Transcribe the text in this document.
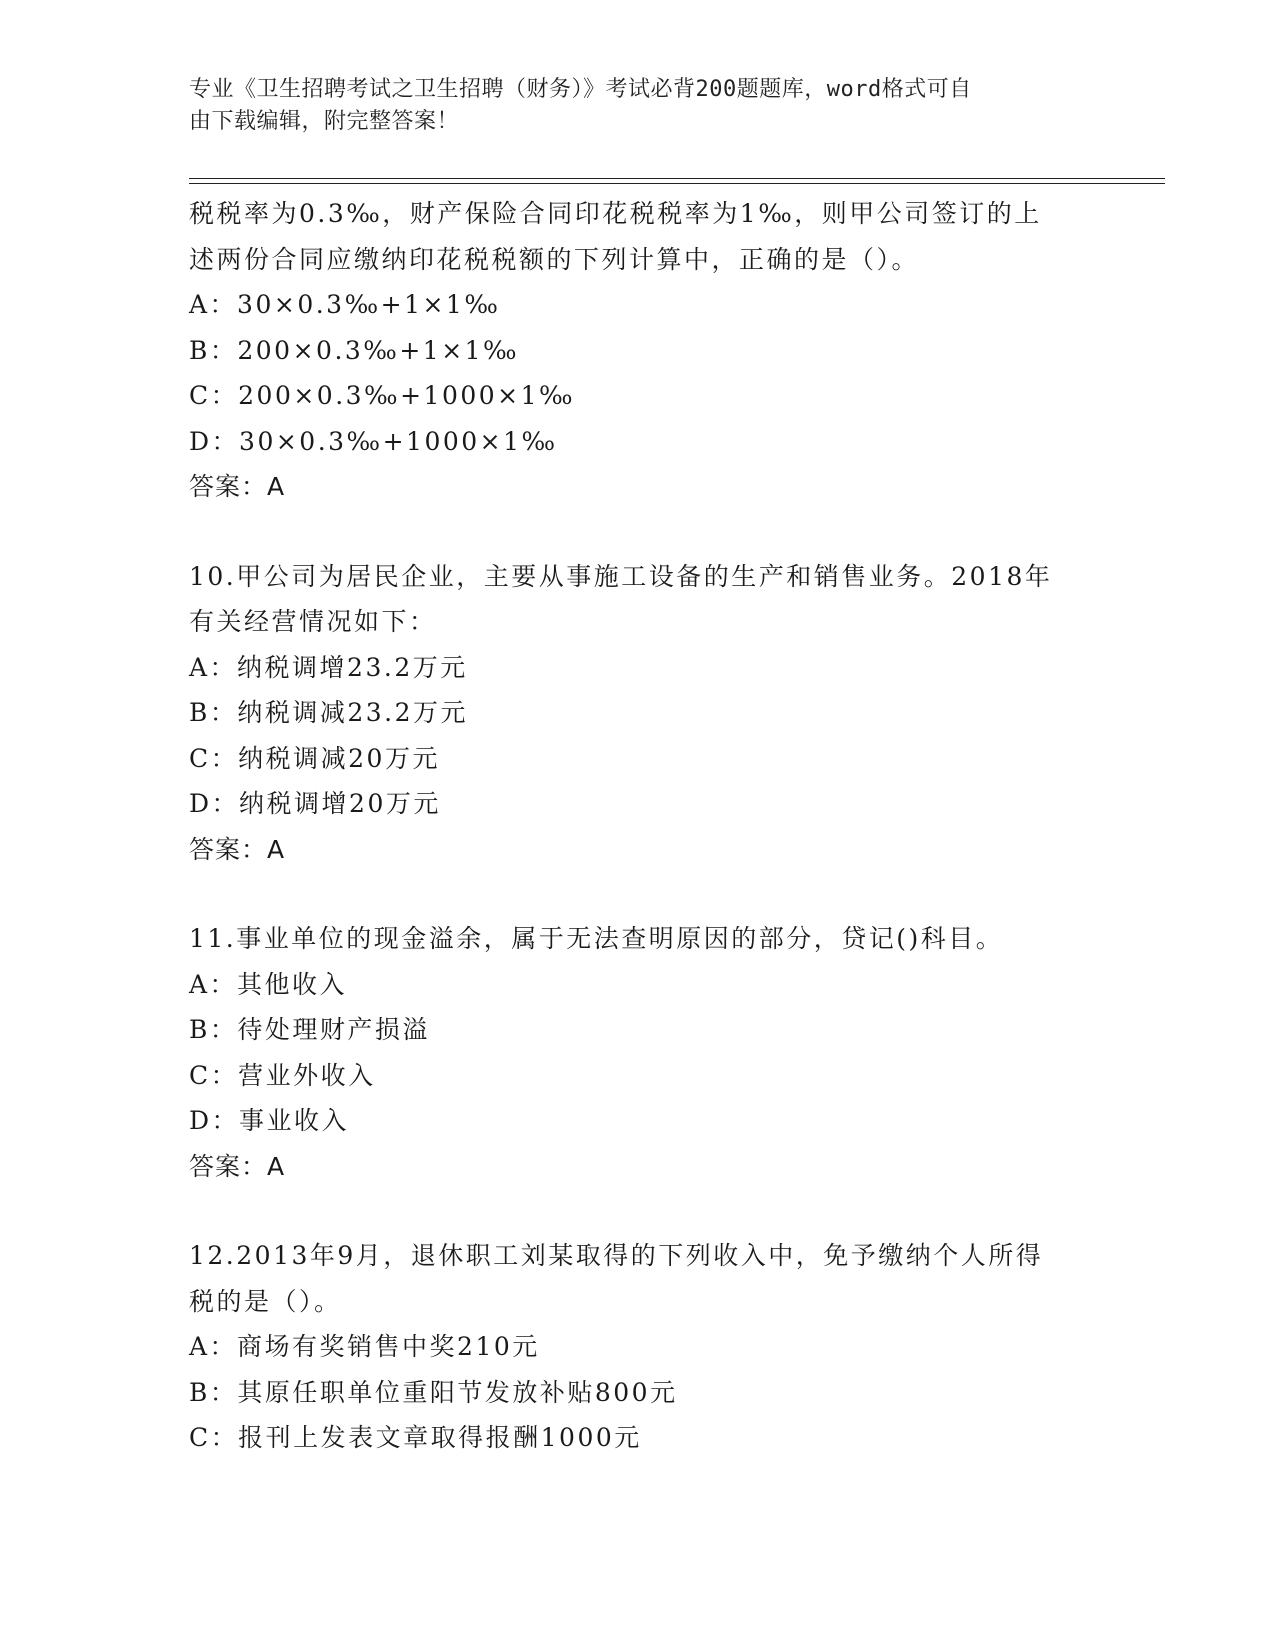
专业《卫生招聘考试之卫生招聘（财务）》考试必背200题题库，word格式可自
由下载编辑，附完整答案！
税税率为0.3‰，财产保险合同印花税税率为1‰，则甲公司签订的上
述两份合同应缴纳印花税税额的下列计算中，正确的是（）。
A：30×0.3‰+1×1‰
B：200×0.3‰+1×1‰
C：200×0.3‰+1000×1‰
D：30×0.3‰+1000×1‰
答案：A
10.甲公司为居民企业，主要从事施工设备的生产和销售业务。2018年
有关经营情况如下：
A：纳税调增23.2万元
B：纳税调减23.2万元
C：纳税调减20万元
D：纳税调增20万元
答案：A
11.事业单位的现金溢余，属于无法查明原因的部分，贷记()科目。
A：其他收入
B：待处理财产损溢
C：营业外收入
D：事业收入
答案：A
12.2013年9月，退休职工刘某取得的下列收入中，免予缴纳个人所得
税的是（）。
A：商场有奖销售中奖210元
B：其原任职单位重阳节发放补贴800元
C：报刊上发表文章取得报酬1000元
